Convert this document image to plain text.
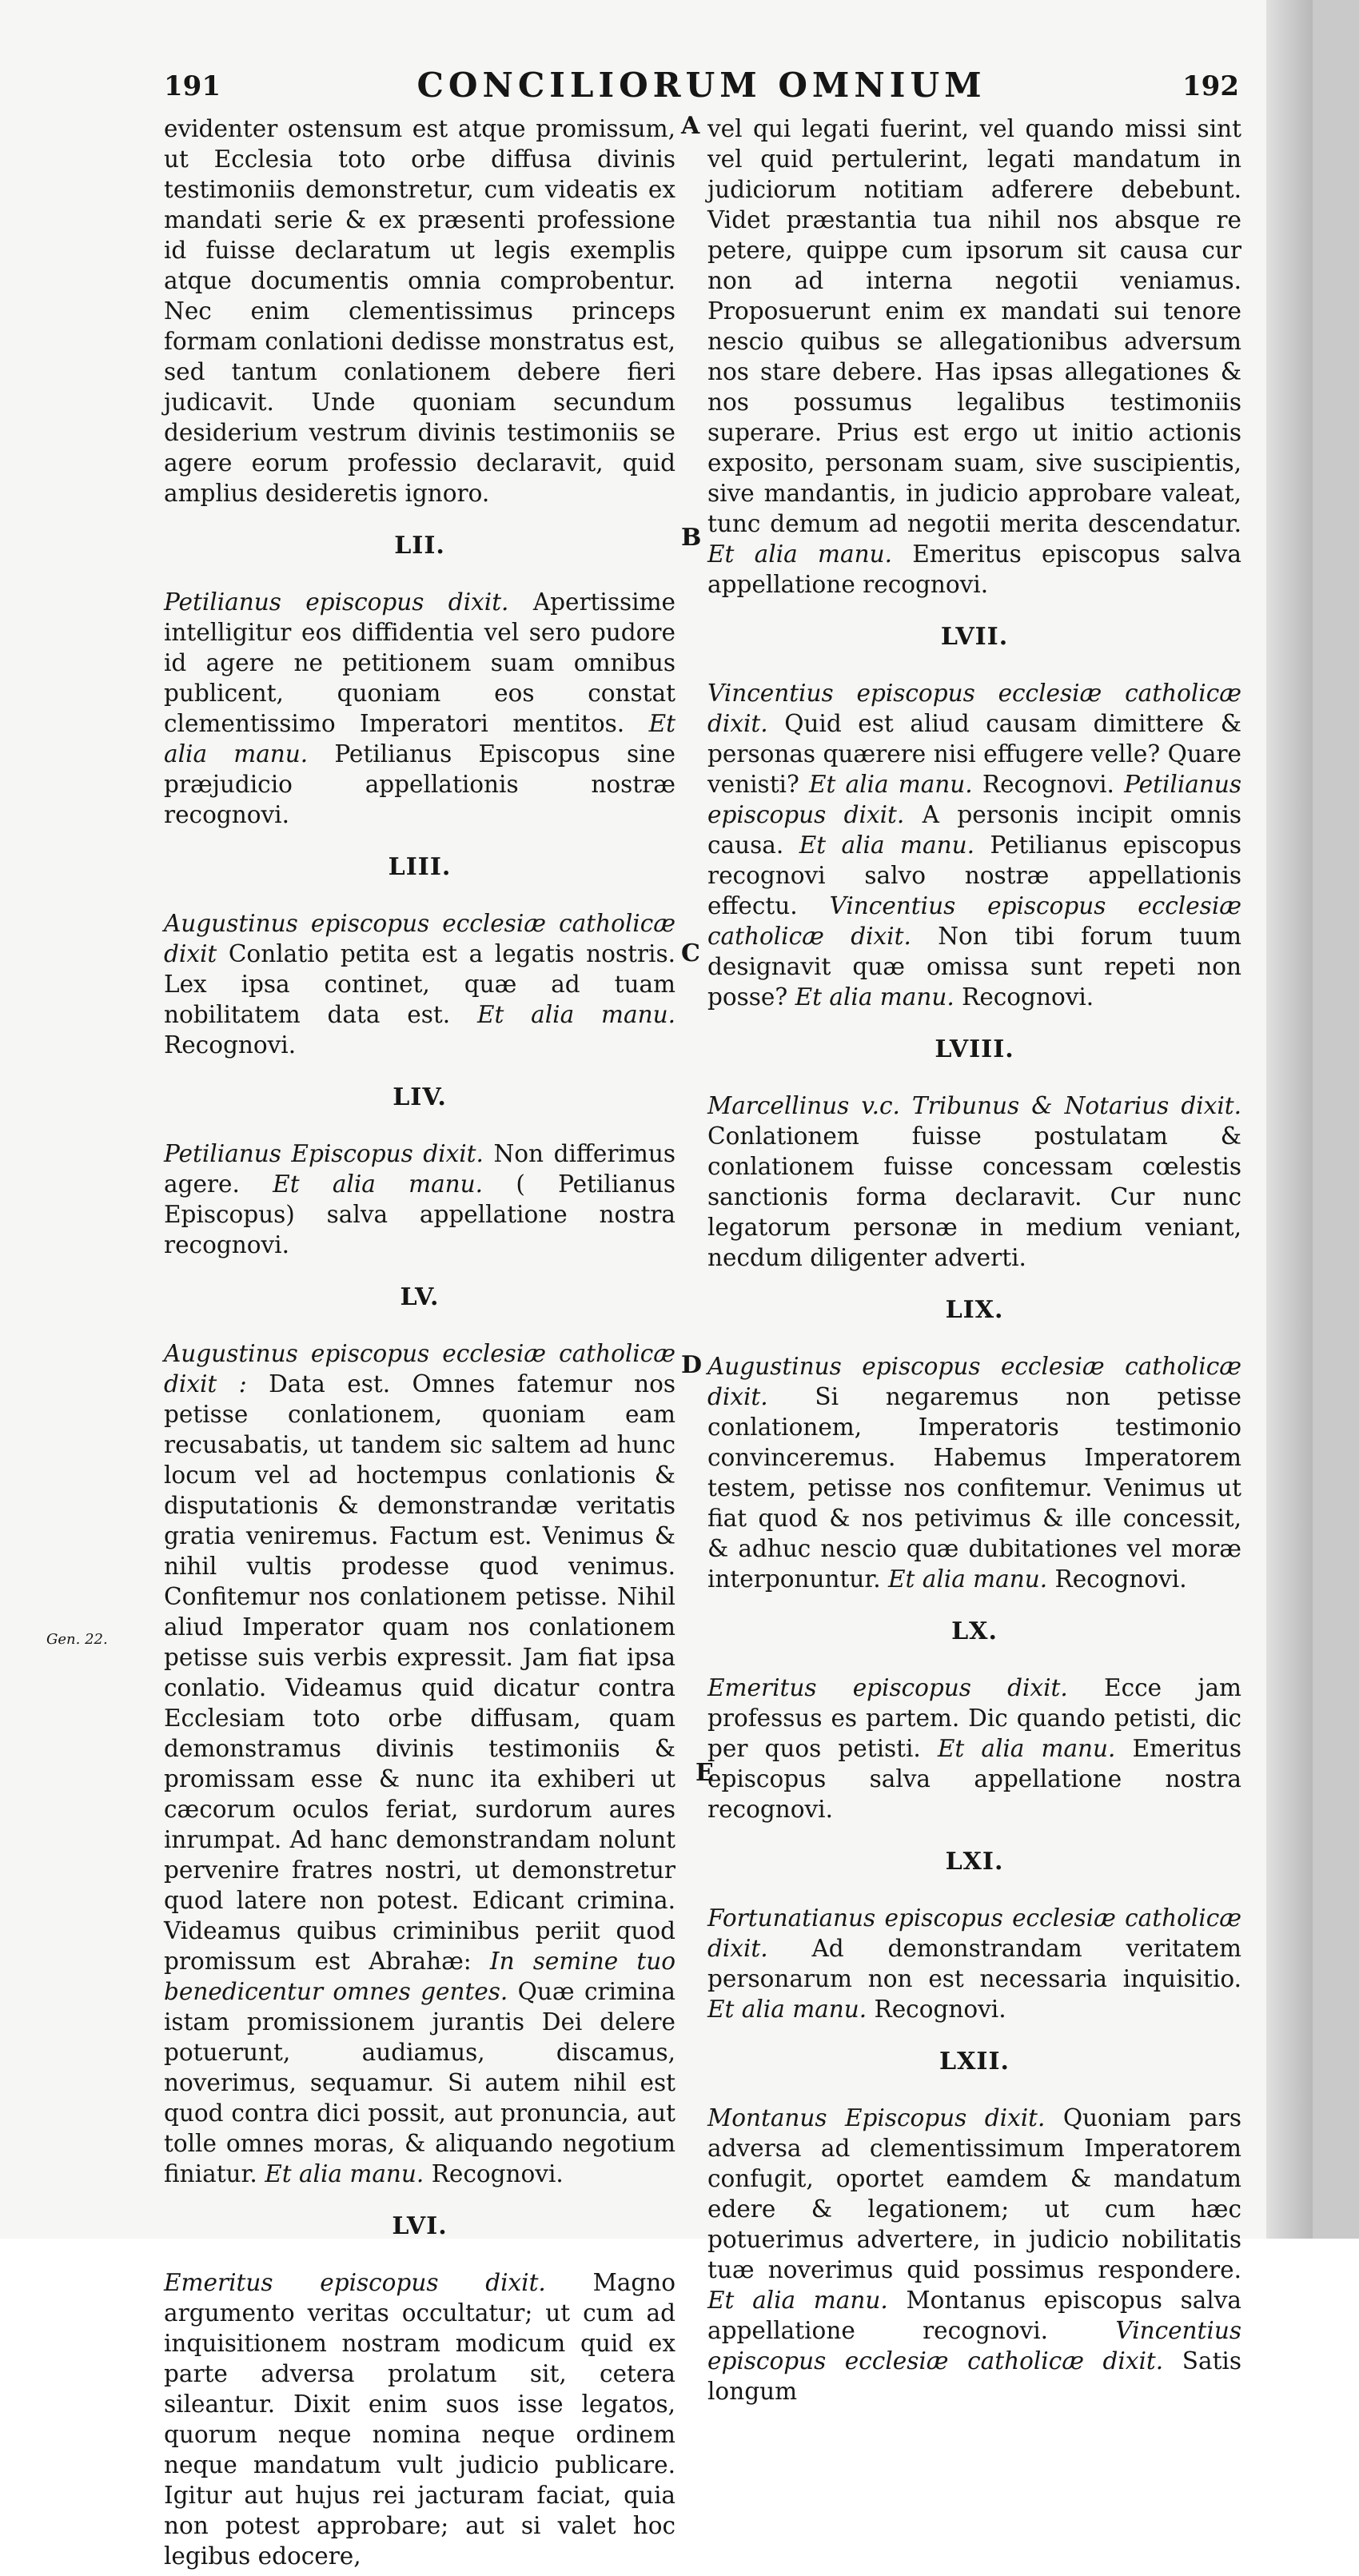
191	CONCILIORUM OMNIUM	192
A
B
C
D
E
Gen. 22.

evidenter ostensum est atque promissum, ut Ecclesia toto orbe diffusa divinis testimoniis demonstretur, cum videatis ex mandati serie & ex præsenti professione id fuisse declaratum ut legis exemplis atque documentis omnia comprobentur. Nec enim clementissimus princeps formam conlationi dedisse monstratus est, sed tantum conlationem debere fieri judicavit. Unde quoniam secundum desiderium vestrum divinis testimoniis se agere eorum professio declaravit, quid amplius desideretis ignoro.

LII.

Petilianus episcopus dixit. Apertissime intelligitur eos diffidentia vel sero pudore id agere ne petitionem suam omnibus publicent, quoniam eos constat clementissimo Imperatori mentitos. Et alia manu. Petilianus Episcopus sine præjudicio appellationis nostræ recognovi.

LIII.

Augustinus episcopus ecclesiæ catholicæ dixit Conlatio petita est a legatis nostris. Lex ipsa continet, quæ ad tuam nobilitatem data est. Et alia manu. Recognovi.

LIV.

Petilianus Episcopus dixit. Non differimus agere. Et alia manu. ( Petilianus Episcopus) salva appellatione nostra recognovi.

LV.

Augustinus episcopus ecclesiæ catholicæ dixit : Data est. Omnes fatemur nos petisse conlationem, quoniam eam recusabatis, ut tandem sic saltem ad hunc locum vel ad hoctempus conlationis & disputationis & demonstrandæ veritatis gratia veniremus. Factum est. Venimus & nihil vultis prodesse quod venimus. Confitemur nos conlationem petisse. Nihil aliud Imperator quam nos conlationem petisse suis verbis expressit. Jam fiat ipsa conlatio. Videamus quid dicatur contra Ecclesiam toto orbe diffusam, quam demonstramus divinis testimoniis & promissam esse & nunc ita exhiberi ut cæcorum oculos feriat, surdorum aures inrumpat. Ad hanc demonstrandam nolunt pervenire fratres nostri, ut demonstretur quod latere non potest. Edicant crimina. Videamus quibus criminibus periit quod promissum est Abrahæ: In semine tuo benedicentur omnes gentes. Quæ crimina istam promissionem jurantis Dei delere potuerunt, audiamus, discamus, noverimus, sequamur. Si autem nihil est quod contra dici possit, aut pronuncia, aut tolle omnes moras, & aliquando negotium finiatur. Et alia manu. Recognovi.

LVI.

Emeritus episcopus dixit. Magno argumento veritas occultatur; ut cum ad inquisitionem nostram modicum quid ex parte adversa prolatum sit, cetera sileantur. Dixit enim suos isse legatos, quorum neque nomina neque ordinem neque mandatum vult judicio publicare. Igitur aut hujus rei jacturam faciat, quia non potest approbare; aut si valet hoc legibus edocere,

vel qui legati fuerint, vel quando missi sint vel quid pertulerint, legati mandatum in judiciorum notitiam adferere debebunt. Videt præstantia tua nihil nos absque re petere, quippe cum ipsorum sit causa cur non ad interna negotii veniamus. Proposuerunt enim ex mandati sui tenore nescio quibus se allegationibus adversum nos stare debere. Has ipsas allegationes & nos possumus legalibus testimoniis superare. Prius est ergo ut initio actionis exposito, personam suam, sive suscipientis, sive mandantis, in judicio approbare valeat, tunc demum ad negotii merita descendatur. Et alia manu. Emeritus episcopus salva appellatione recognovi.

LVII.

Vincentius episcopus ecclesiæ catholicæ dixit. Quid est aliud causam dimittere & personas quærere nisi effugere velle? Quare venisti? Et alia manu. Recognovi. Petilianus episcopus dixit. A personis incipit omnis causa. Et alia manu. Petilianus episcopus recognovi salvo nostræ appellationis effectu. Vincentius episcopus ecclesiæ catholicæ dixit. Non tibi forum tuum designavit quæ omissa sunt repeti non posse? Et alia manu. Recognovi.

LVIII.

Marcellinus v.c. Tribunus & Notarius dixit. Conlationem fuisse postulatam & conlationem fuisse concessam cœlestis sanctionis forma declaravit. Cur nunc legatorum personæ in medium veniant, necdum diligenter adverti.

LIX.

Augustinus episcopus ecclesiæ catholicæ dixit. Si negaremus non petisse conlationem, Imperatoris testimonio convinceremus. Habemus Imperatorem testem, petisse nos confitemur. Venimus ut fiat quod & nos petivimus & ille concessit, & adhuc nescio quæ dubitationes vel moræ interponuntur. Et alia manu. Recognovi.

LX.

Emeritus episcopus dixit. Ecce jam professus es partem. Dic quando petisti, dic per quos petisti. Et alia manu. Emeritus episcopus salva appellatione nostra recognovi.

LXI.

Fortunatianus episcopus ecclesiæ catholicæ dixit. Ad demonstrandam veritatem personarum non est necessaria inquisitio. Et alia manu. Recognovi.

LXII.

Montanus Episcopus dixit. Quoniam pars adversa ad clementissimum Imperatorem confugit, oportet eamdem & mandatum edere & legationem; ut cum hæc potuerimus advertere, in judicio nobilitatis tuæ noverimus quid possimus respondere. Et alia manu. Montanus episcopus salva appellatione recognovi.	Vincentius episcopus ecclesiæ catholicæ dixit. Satis longum
